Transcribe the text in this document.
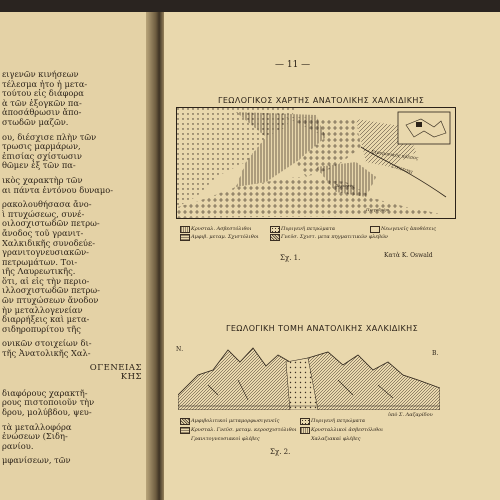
ειγενῶν κινήσεων
τέλεσμα ἦτο ἡ μετα-
τούτου εἰς διάφορα
ὰ τῶν ἐξογκῶν πα-
ἀποσάθρωσιν ἄπο-
στωδῶν μαζῶν.
ου, διέσχισε πλὴν τῶν
τρωσις μαρμάρων,
ἐπισίας σχίστωσιν
θῶμεν ἐξ τῶν πα-
ικὸς χαρακτὴρ τῶν
αι πάντα ἐντόνου δυναμο-
ρακολουθήσασα ἄνο-
ὶ πτυχώσεως, συνέ-
οιλοσχιστωδῶν πετρω-
ἄνοδος τοῦ γρανιτ-
Χαλκιδικῆς συνοδεύε-
γρανιτογνευσιακῶν-
πετρωμάτων. Τοι-
ιῆς Λαυρεωτικῆς.
ὅτι, αἱ εἰς τὴν περιο-
ιλλοσχιστωδῶν πετρω-
ῶν πτυχώσεων ἄνοδον
ὴν μεταλλογενείαν
διαρρήξεις καὶ μετα-
σιδηροπυρίτου τῆς
ονικῶν στοιχείων δι-
τῆς Ἀνατολικῆς Χαλ-
ΟΓΕΝΕΙΑΣ
ΚΗΣ
διαφόρους χαρακτῆ-
ρους πιστοποιοῦν τὴν
δρου, μολύβδου, ψευ-
τὰ μεταλλοφόρα
ἐνώσεων (Σιδη-
ρανίου.
μφανίσεων, τῶν
— 11 —
ΓΕΩΛΟΓΙΚΟΣ ΧΑΡΤΗΣ ΑΝΑΤΟΛΙΚΗΣ ΧΑΛΚΙΔΙΚΗΣ
Στρυμονικὸς κόλπος
ΣΤΡΑΤΩΝΙ
Ἱερισσὸς
Πιργοδρόμι
Κρυσταλ. Ασβεστόλιθοι	Πυριγενῆ πετρώματα	Νεωγενεῖς ἀποθέσεις
Αμφιβ. μεταμ. Σχιστόλιθοι	Γνεῦσ. Σχιστ. μετα πηγματιτικῶν φλεβῶν
Σχ. 1.	Κατὰ Κ. Oswald
ΓΕΩΛΟΓΙΚΗ ΤΟΜΗ ΑΝΑΤΟΛΙΚΗΣ ΧΑΛΚΙΔΙΚΗΣ
Ν.
Β.
ὑπὸ Σ. Λαζαρίδου
Αμφιβολιτικοὶ μεταμορφωσιγενεῖς	Πυριγενῆ πετρώματα
Κρυσταλ. Γνεῦσ. μεταμ. κεροσχιστόλιθοι	Κρυσταλλικοὶ ἀσβεστόλιθοι
Γρανιτογνευσιακοὶ φλέβες	Χαλαζιακαὶ φλέβες
Σχ. 2.
